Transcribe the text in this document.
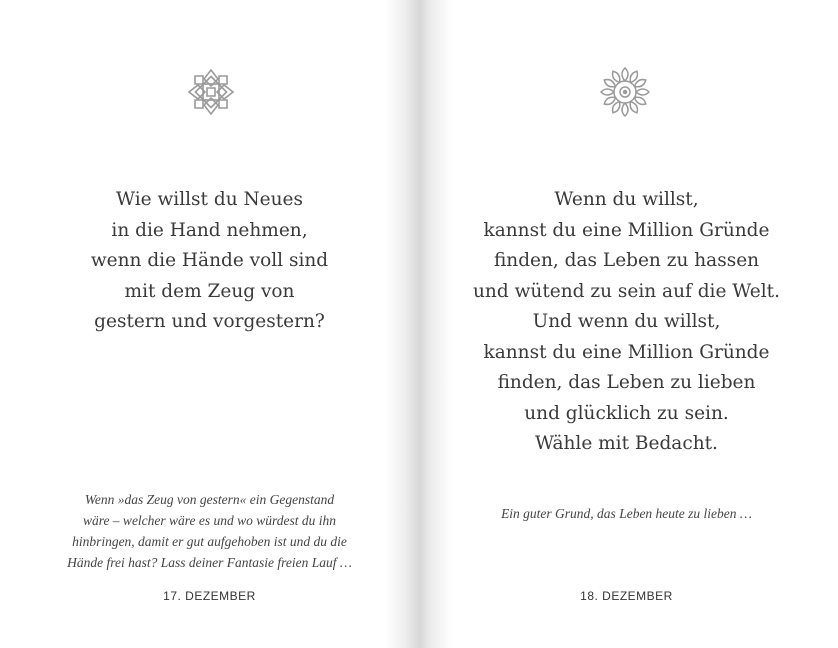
Wie willst du Neues
in die Hand nehmen,
wenn die Hände voll sind
mit dem Zeug von
gestern und vorgestern?
Wenn »das Zeug von gestern« ein Gegenstand
wäre – welcher wäre es und wo würdest du ihn
hinbringen, damit er gut aufgehoben ist und du die
Hände frei hast? Lass deiner Fantasie freien Lauf …
17. DEZEMBER
Wenn du willst,
kannst du eine Million Gründe
finden, das Leben zu hassen
und wütend zu sein auf die Welt.
Und wenn du willst,
kannst du eine Million Gründe
finden, das Leben zu lieben
und glücklich zu sein.
Wähle mit Bedacht.
Ein guter Grund, das Leben heute zu lieben …
18. DEZEMBER
